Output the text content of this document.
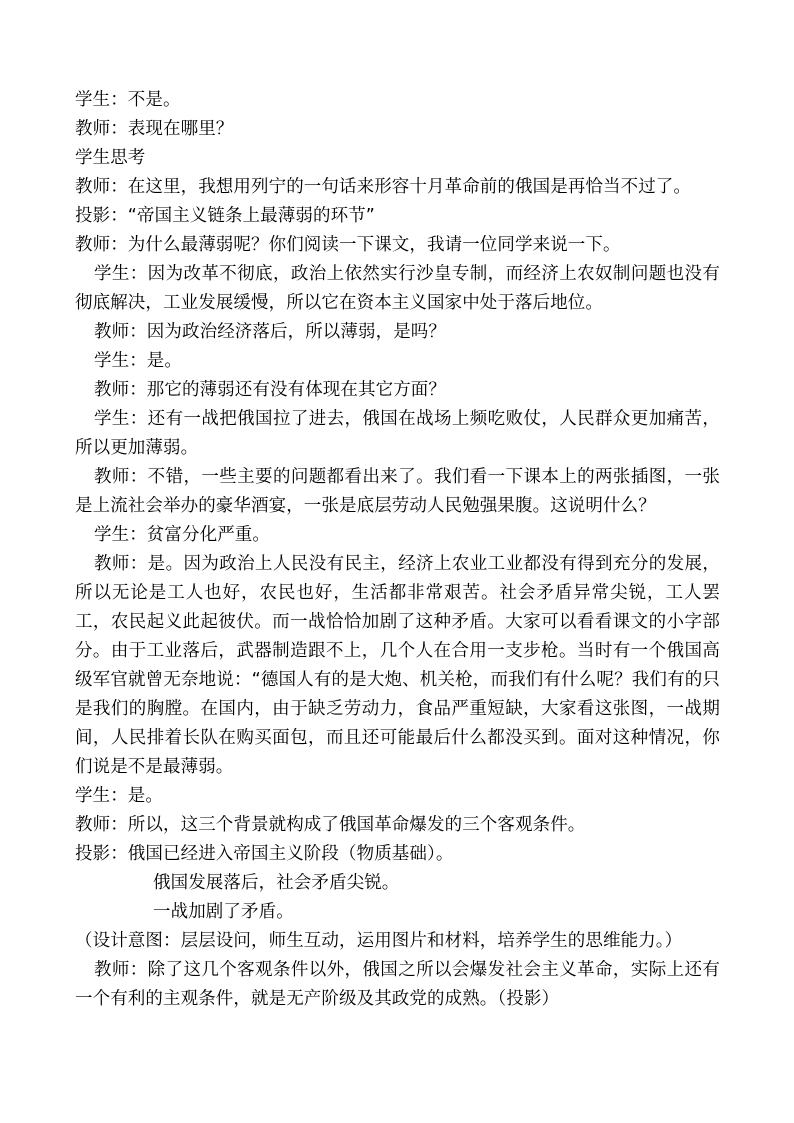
学生：不是。

教师：表现在哪里？

学生思考

教师：在这里，我想用列宁的一句话来形容十月革命前的俄国是再恰当不过了。

投影：“帝国主义链条上最薄弱的环节”

教师：为什么最薄弱呢？你们阅读一下课文，我请一位同学来说一下。

学生：因为改革不彻底，政治上依然实行沙皇专制，而经济上农奴制问题也没有彻底解决，工业发展缓慢，所以它在资本主义国家中处于落后地位。

教师：因为政治经济落后，所以薄弱，是吗？

学生：是。

教师：那它的薄弱还有没有体现在其它方面？

学生：还有一战把俄国拉了进去，俄国在战场上频吃败仗，人民群众更加痛苦，所以更加薄弱。

教师：不错，一些主要的问题都看出来了。我们看一下课本上的两张插图，一张是上流社会举办的豪华酒宴，一张是底层劳动人民勉强果腹。这说明什么？

学生：贫富分化严重。

教师：是。因为政治上人民没有民主，经济上农业工业都没有得到充分的发展，所以无论是工人也好，农民也好，生活都非常艰苦。社会矛盾异常尖锐，工人罢工，农民起义此起彼伏。而一战恰恰加剧了这种矛盾。大家可以看看课文的小字部分。由于工业落后，武器制造跟不上，几个人在合用一支步枪。当时有一个俄国高级军官就曾无奈地说：“德国人有的是大炮、机关枪，而我们有什么呢？我们有的只是我们的胸膛。在国内，由于缺乏劳动力，食品严重短缺，大家看这张图，一战期间，人民排着长队在购买面包，而且还可能最后什么都没买到。面对这种情况，你们说是不是最薄弱。

学生：是。

教师：所以，这三个背景就构成了俄国革命爆发的三个客观条件。

投影：俄国已经进入帝国主义阶段（物质基础）。

俄国发展落后，社会矛盾尖锐。

一战加剧了矛盾。

（设计意图：层层设问，师生互动，运用图片和材料，培养学生的思维能力。）

教师：除了这几个客观条件以外，俄国之所以会爆发社会主义革命，实际上还有一个有利的主观条件，就是无产阶级及其政党的成熟。（投影）
